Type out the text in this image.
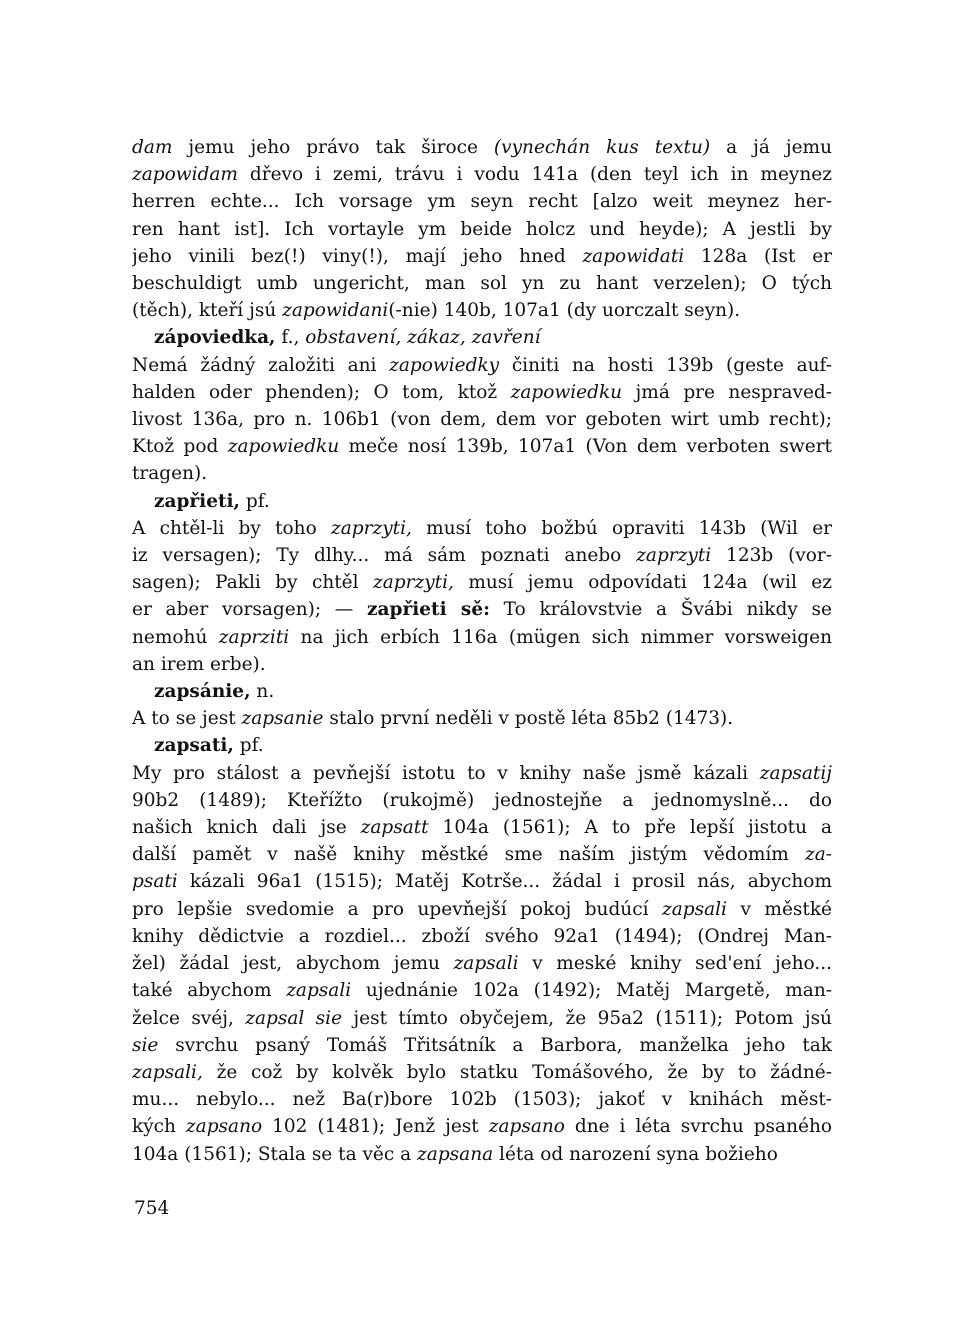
dam jemu jeho právo tak široce (vynechán kus textu) a já jemu
zapowidam dřevo i zemi, trávu i vodu 141a (den teyl ich in meynez
herren echte... Ich vorsage ym seyn recht [alzo weit meynez her-
ren hant ist]. Ich vortayle ym beide holcz und heyde); A jestli by
jeho vinili bez(!) viny(!), mají jeho hned zapowidati 128a (Ist er
beschuldigt umb ungericht, man sol yn zu hant verzelen); O tých
(těch), kteří jsú zapowidani(-nie) 140b, 107a1 (dy uorczalt seyn).
zápoviedka, f., obstavení, zákaz, zavření
Nemá žádný založiti ani zapowiedky činiti na hosti 139b (geste auf-
halden oder phenden); O tom, ktož zapowiedku jmá pre nespraved-
livost 136a, pro n. 106b1 (von dem, dem vor geboten wirt umb recht);
Ktož pod zapowiedku meče nosí 139b, 107a1 (Von dem verboten swert
tragen).
zapřieti, pf.
A chtěl-li by toho zaprzyti, musí toho božbú opraviti 143b (Wil er
iz versagen); Ty dlhy... má sám poznati anebo zaprzyti 123b (vor-
sagen); Pakli by chtěl zaprzyti, musí jemu odpovídati 124a (wil ez
er aber vorsagen); — zapřieti sě: To královstvie a Švábi nikdy se
nemohú zaprziti na jich erbích 116a (mügen sich nimmer vorsweigen
an irem erbe).
zapsánie, n.
A to se jest zapsanie stalo první neděli v postě léta 85b2 (1473).
zapsati, pf.
My pro stálost a pevňejší istotu to v knihy naše jsmě kázali zapsatij
90b2 (1489); Kteřížto (rukojmě) jednostejňe a jednomyslně... do
našich knich dali jse zapsatt 104a (1561); A to pře lepší jistotu a
další pamět v našě knihy městké sme naším jistým vědomím za-
psati kázali 96a1 (1515); Matěj Kotrše... žádal i prosil nás, abychom
pro lepšie svedomie a pro upevňejší pokoj budúcí zapsali v městké
knihy dědictvie a rozdiel... zboží svého 92a1 (1494); (Ondrej Man-
žel) žádal jest, abychom jemu zapsali v meské knihy sed'ení jeho...
také abychom zapsali ujednánie 102a (1492); Matěj Margetě, man-
želce svéj, zapsal sie jest tímto obyčejem, že 95a2 (1511); Potom jsú
sie svrchu psaný Tomáš Třitsátník a Barbora, manželka jeho tak
zapsali, že což by kolvěk bylo statku Tomášového, že by to žádné-
mu... nebylo... než Ba(r)bore 102b (1503); jakoť v knihách měst-
kých zapsano 102 (1481); Jenž jest zapsano dne i léta svrchu psaného
104a (1561); Stala se ta věc a zapsana léta od narození syna božieho
754
